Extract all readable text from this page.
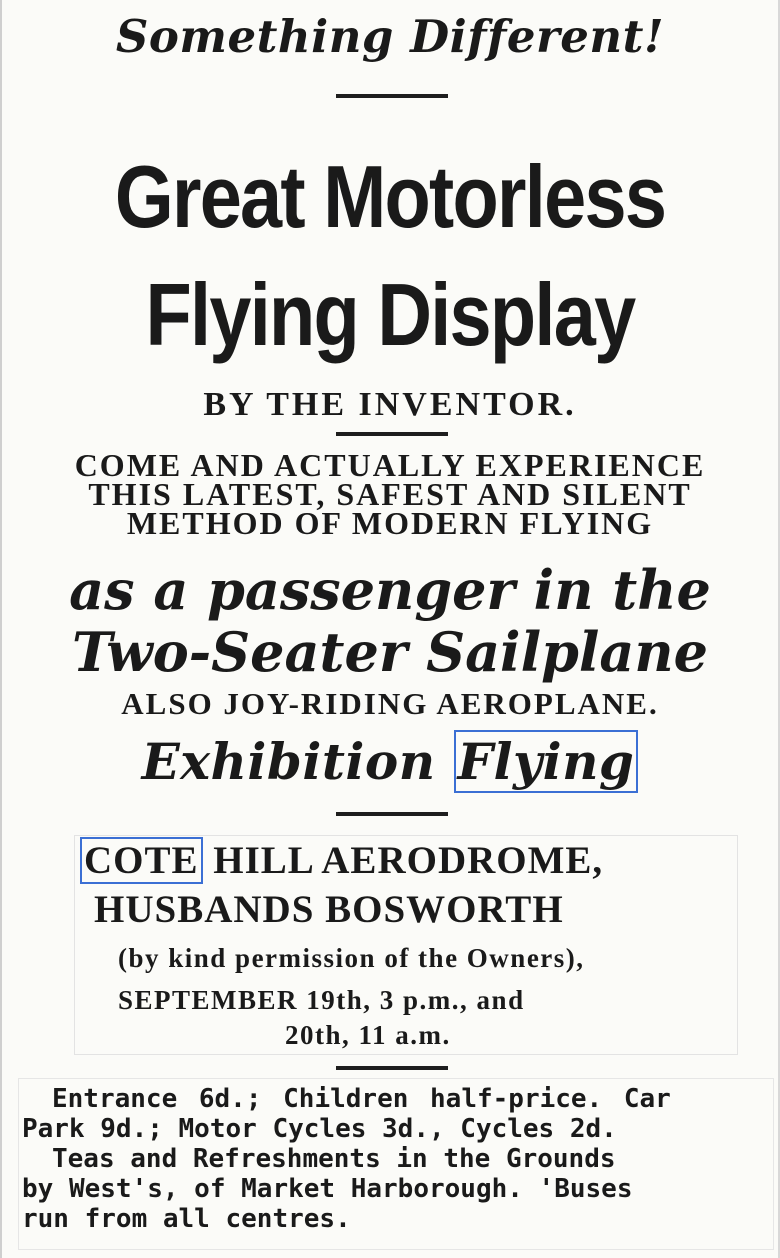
Something Different!

Great Motorless

Flying Display

BY THE INVENTOR.

COME AND ACTUALLY EXPERIENCE

THIS LATEST, SAFEST AND SILENT

METHOD OF MODERN FLYING

as a passenger in the

Two-Seater Sailplane

ALSO JOY-RIDING AEROPLANE.

Exhibition Flying

COTE HILL AERODROME,

HUSBANDS BOSWORTH

(by kind permission of the Owners),

SEPTEMBER 19th, 3 p.m., and

20th, 11 a.m.

Entrance 6d.; Children half-price. Car

Park 9d.; Motor Cycles 3d., Cycles 2d.

Teas and Refreshments in the Grounds

by West's, of Market Harborough. 'Buses

run from all centres.
